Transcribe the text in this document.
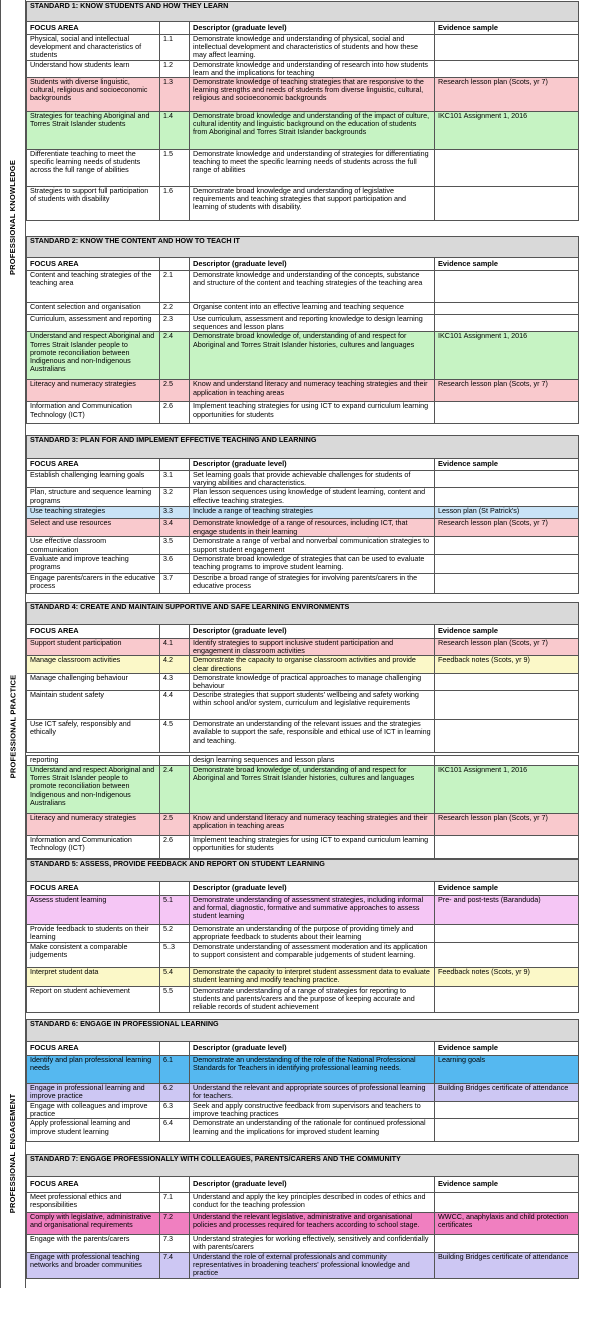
PROFESSIONAL KNOWLEDGE
PROFESSIONAL PRACTICE
PROFESSIONAL ENGAGEMENT
STANDARD 1: KNOW STUDENTS AND HOW THEY LEARN			
FOCUS AREA		Descriptor (graduate level)	Evidence sample
Physical, social and intellectual development and characteristics of students	1.1	Demonstrate knowledge and understanding of physical, social and intellectual development and characteristics of students and how these may affect learning.	
Understand how students learn	1.2	Demonstrate knowledge and understanding of research into how students learn and the implications for teaching	
Students with diverse linguistic, cultural, religious and socioeconomic backgrounds	1.3	Demonstrate knowledge of teaching strategies that are responsive to the learning strengths and needs of students from diverse linguistic, cultural, religious and socioeconomic backgrounds	Research lesson plan (Scots, yr 7)
Strategies for teaching Aboriginal and Torres Strait Islander students	1.4	Demonstrate broad knowledge and understanding of the impact of culture, cultural identity and linguistic background on the education of students from Aboriginal and Torres Strait Islander backgrounds	IKC101 Assignment 1, 2016
Differentiate teaching to meet the specific learning needs of students across the full range of abilities	1.5	Demonstrate knowledge and understanding of strategies for differentiating teaching to meet the specific learning needs of students across the full range of abilities	
Strategies to support full participation of students with disability	1.6	Demonstrate broad knowledge and understanding of legislative requirements and teaching strategies that support participation and learning of students with disability.	
STANDARD 2: KNOW THE CONTENT AND HOW TO TEACH IT			
FOCUS AREA		Descriptor (graduate level)	Evidence sample
Content and teaching strategies of the teaching area	2.1	Demonstrate knowledge and understanding of the concepts, substance and structure of the content and teaching strategies of the teaching area	
Content selection and organisation	2.2	Organise content into an effective learning and teaching sequence	
Curriculum, assessment and reporting	2.3	Use curriculum, assessment and reporting knowledge to design learning sequences and lesson plans	
Understand and respect Aboriginal and Torres Strait Islander people to promote reconciliation between Indigenous and non-Indigenous Australians	2.4	Demonstrate broad knowledge of, understanding of and respect for Aboriginal and Torres Strait Islander histories, cultures and languages	IKC101 Assignment 1, 2016
Literacy and numeracy strategies	2.5	Know and understand literacy and numeracy teaching strategies and their application in teaching areas	Research lesson plan (Scots, yr 7)
Information and Communication Technology (ICT)	2.6	Implement teaching strategies for using ICT to expand curriculum learning opportunities for students	
STANDARD 3: PLAN FOR AND IMPLEMENT EFFECTIVE TEACHING AND LEARNING			
FOCUS AREA		Descriptor (graduate level)	Evidence sample
Establish challenging learning goals	3.1	Set learning goals that provide achievable challenges for students of varying abilities and characteristics.	
Plan, structure and sequence learning programs	3.2	Plan lesson sequences using knowledge of student learning, content and effective teaching strategies.	
Use teaching strategies	3.3	Include a range of teaching strategies	Lesson plan (St Patrick's)
Select and use resources	3.4	Demonstrate knowledge of a range of resources, including ICT, that engage students in their learning	Research lesson plan (Scots, yr 7)
Use effective classroom communication	3.5	Demonstrate a range of verbal and nonverbal communication strategies to support student engagement	
Evaluate and improve teaching programs	3.6	Demonstrate broad knowledge of strategies that can be used to evaluate teaching programs to improve student learning.	
Engage parents/carers in the educative process	3.7	Describe a broad range of strategies for involving parents/carers in the educative process	
STANDARD 4: CREATE AND MAINTAIN SUPPORTIVE AND SAFE LEARNING ENVIRONMENTS			
FOCUS AREA		Descriptor (graduate level)	Evidence sample
Support student participation	4.1	Identify strategies to support inclusive student participation and engagement in classroom activities	Research lesson plan (Scots, yr 7)
Manage classroom activities	4.2	Demonstrate the capacity to organise classroom activities and provide clear directions	Feedback notes (Scots, yr 9)
Manage challenging behaviour	4.3	Demonstrate knowledge of practical approaches to manage challenging behaviour	
Maintain student safety	4.4	Describe strategies that support students' wellbeing and safety working within school and/or system, curriculum and legislative requirements	
Use ICT safely, responsibly and ethically	4.5	Demonstrate an understanding of the relevant issues and the strategies available to support the safe, responsible and ethical use of ICT in learning and teaching.	
reporting		design learning sequences and lesson plans	
Understand and respect Aboriginal and Torres Strait Islander people to promote reconciliation between Indigenous and non-Indigenous Australians	2.4	Demonstrate broad knowledge of, understanding of and respect for Aboriginal and Torres Strait Islander histories, cultures and languages	IKC101 Assignment 1, 2016
Literacy and numeracy strategies	2.5	Know and understand literacy and numeracy teaching strategies and their application in teaching areas	Research lesson plan (Scots, yr 7)
Information and Communication Technology (ICT)	2.6	Implement teaching strategies for using ICT to expand curriculum learning opportunities for students	
STANDARD 5: ASSESS, PROVIDE FEEDBACK AND REPORT ON STUDENT LEARNING			
FOCUS AREA		Descriptor (graduate level)	Evidence sample
Assess student learning	5.1	Demonstrate understanding of assessment strategies, including informal and formal, diagnostic, formative and summative approaches to assess student learning	Pre- and post-tests (Baranduda)
Provide feedback to students on their learning	5.2	Demonstrate an understanding of the purpose of providing timely and appropriate feedback to students about their learning	
Make consistent a comparable judgements	5..3	Demonstrate understanding of assessment moderation and its application to support consistent and comparable judgements of student learning.	
Interpret student data	5.4	Demonstrate the capacity to interpret student assessment data to evaluate student learning and modify teaching practice.	Feedback notes (Scots, yr 9)
Report on student achievement	5.5	Demonstrate understanding of a range of strategies for reporting to students and parents/carers and the purpose of keeping accurate and reliable records of student achievement	
STANDARD 6: ENGAGE IN PROFESSIONAL LEARNING			
FOCUS AREA		Descriptor (graduate level)	Evidence sample
Identify and plan professional learning needs	6.1	Demonstrate an understanding of the role of the National Professional Standards for Teachers in identifying professional learning needs.	Learning goals
Engage in professional learning and improve practice	6.2	Understand the relevant and appropriate sources of professional learning for teachers.	Building Bridges certificate of attendance
Engage with colleagues and improve practice	6.3	Seek and apply constructive feedback from supervisors and teachers to improve teaching practices	
Apply professional learning and improve student learning	6.4	Demonstrate an understanding of the rationale for continued professional learning and the implications for improved student learning	
STANDARD 7: ENGAGE PROFESSIONALLY WITH COLLEAGUES, PARENTS/CARERS AND THE COMMUNITY			
FOCUS AREA		Descriptor (graduate level)	Evidence sample
Meet professional ethics and responsibilities	7.1	Understand and apply the key principles described in codes of ethics and conduct for the teaching profession	
Comply with legislative, administrative and organisational requirements	7.2	Understand the relevant legislative, administrative and organisational policies and processes required for teachers according to school stage.	WWCC, anaphylaxis and child protection certificates
Engage with the parents/carers	7.3	Understand strategies for working effectively, sensitively and confidentially with parents/carers	
Engage with professional teaching networks and broader communities	7.4	Understand the role of external professionals and community representatives in broadening teachers' professional knowledge and practice	Building Bridges certificate of attendance
